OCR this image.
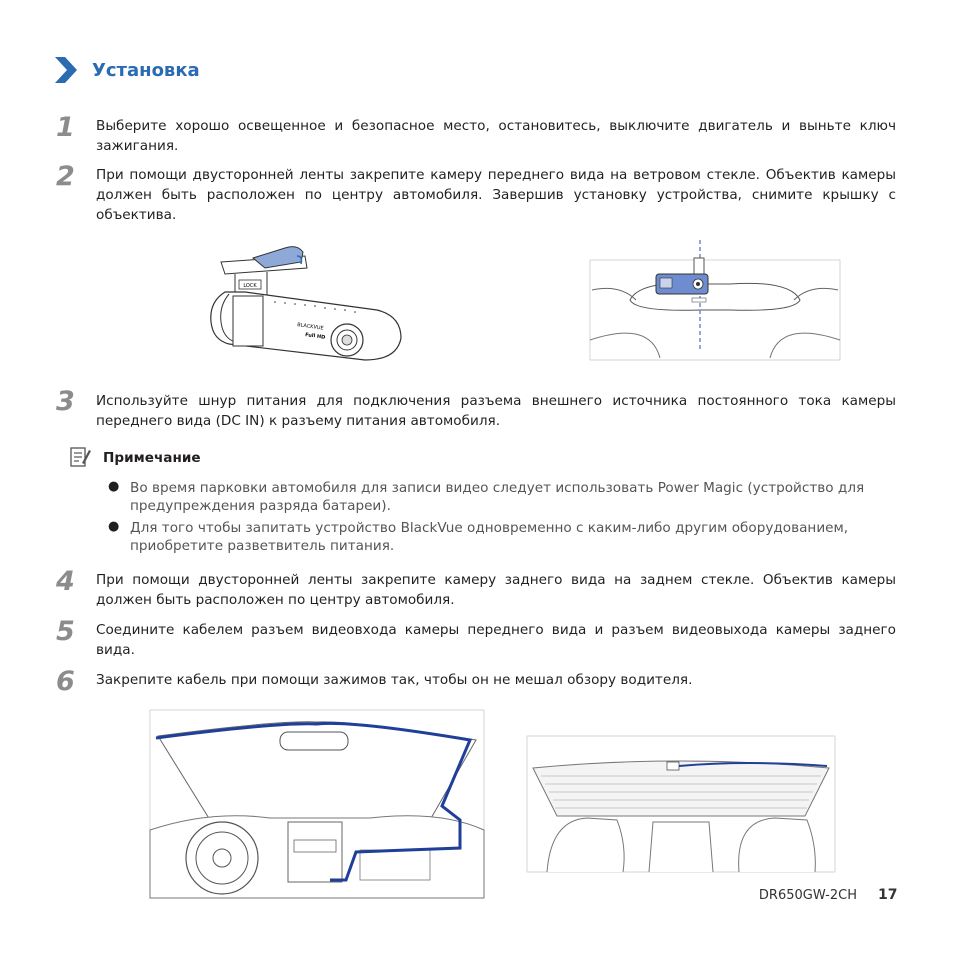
Установка
1 Выберите хорошо освещенное и безопасное место, остановитесь, выключите двигатель и выньте ключ зажигания.
2 При помощи двусторонней ленты закрепите камеру переднего вида на ветровом стекле. Объектив камеры должен быть расположен по центру автомобиля. Завершив установку устройства, снимите крышку с объектива.
LOCK
BLACKVUE
Full HD
3 Используйте шнур питания для подключения разъема внешнего источника постоянного тока камеры переднего вида (DC IN) к разъему питания автомобиля.
Примечание
● Во время парковки автомобиля для записи видео следует использовать Power Magic (устройство для предупреждения разряда батареи).
● Для того чтобы запитать устройство BlackVue одновременно с каким-либо другим оборудованием, приобретите разветвитель питания.
4 При помощи двусторонней ленты закрепите камеру заднего вида на заднем стекле. Объектив камеры должен быть расположен по центру автомобиля.
5 Соедините кабелем разъем видеовхода камеры переднего вида и разъем видеовыхода камеры заднего вида.
6 Закрепите кабель при помощи зажимов так, чтобы он не мешал обзору водителя.
DR650GW-2CH 17
